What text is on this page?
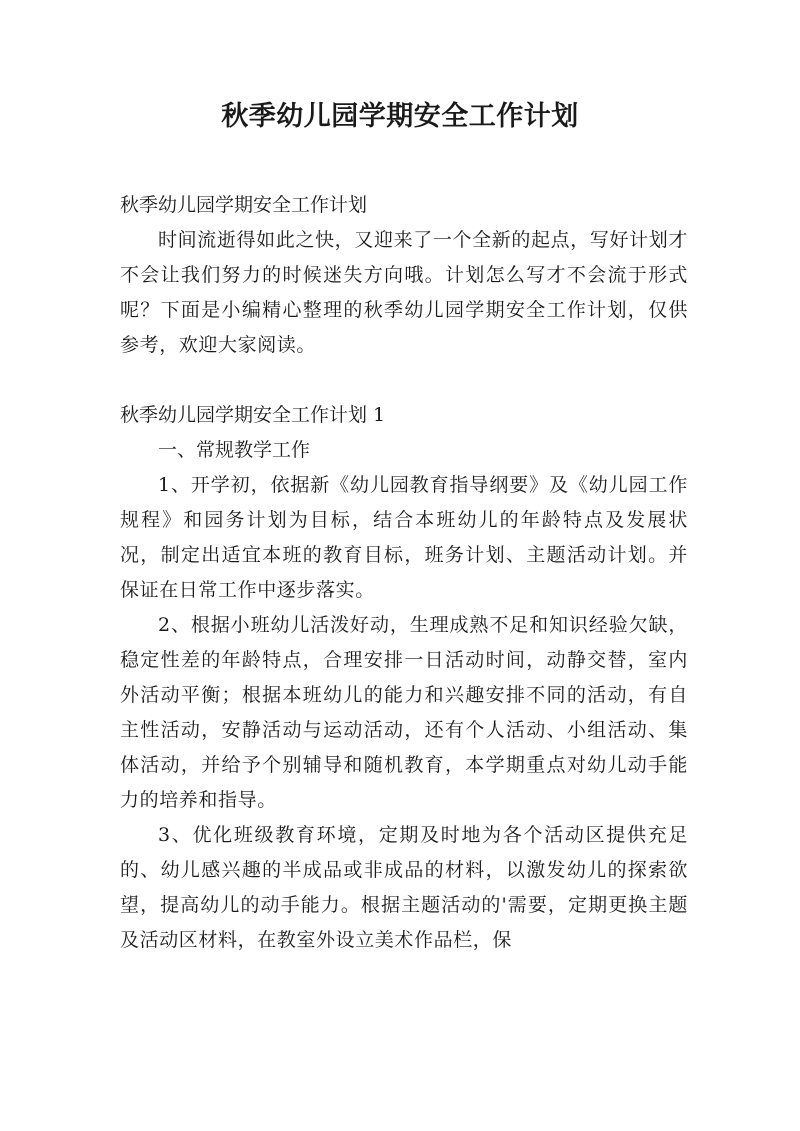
秋季幼儿园学期安全工作计划

秋季幼儿园学期安全工作计划

时间流逝得如此之快，又迎来了一个全新的起点，写好计划才不会让我们努力的时候迷失方向哦。计划怎么写才不会流于形式呢？下面是小编精心整理的秋季幼儿园学期安全工作计划，仅供参考，欢迎大家阅读。

秋季幼儿园学期安全工作计划 1

一、常规教学工作

1、开学初，依据新《幼儿园教育指导纲要》及《幼儿园工作规程》和园务计划为目标，结合本班幼儿的年龄特点及发展状况，制定出适宜本班的教育目标，班务计划、主题活动计划。并保证在日常工作中逐步落实。

2、根据小班幼儿活泼好动，生理成熟不足和知识经验欠缺，稳定性差的年龄特点，合理安排一日活动时间，动静交替，室内外活动平衡；根据本班幼儿的能力和兴趣安排不同的活动，有自主性活动，安静活动与运动活动，还有个人活动、小组活动、集体活动，并给予个别辅导和随机教育，本学期重点对幼儿动手能力的培养和指导。

3、优化班级教育环境，定期及时地为各个活动区提供充足的、幼儿感兴趣的半成品或非成品的材料，以激发幼儿的探索欲望，提高幼儿的动手能力。根据主题活动的'需要，定期更换主题及活动区材料，在教室外设立美术作品栏，保
